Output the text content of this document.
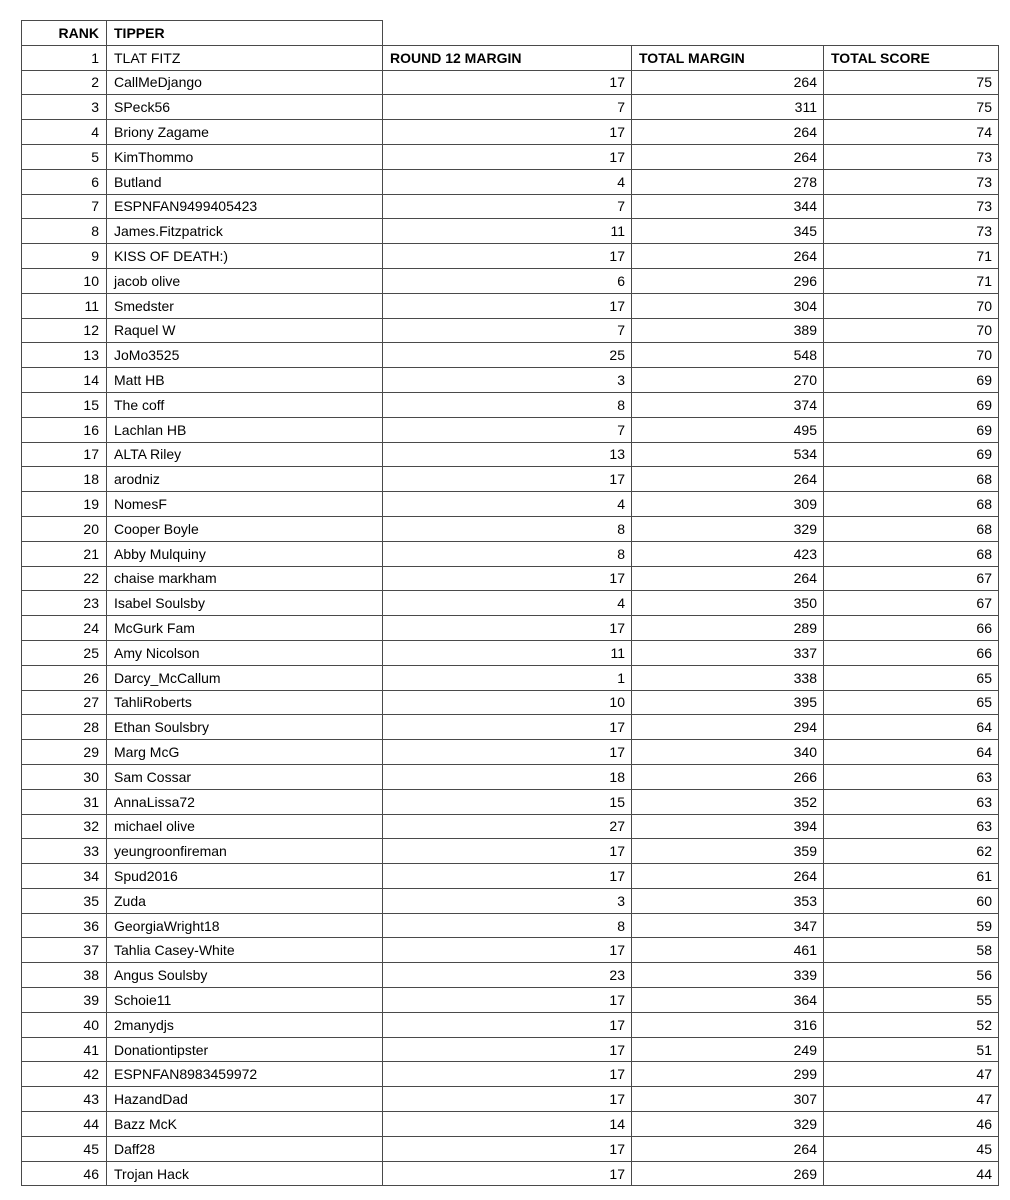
RANK	TIPPER			
1	TLAT FITZ	ROUND 12 MARGIN	TOTAL MARGIN	TOTAL SCORE
2	CallMeDjango	17	264	75
3	SPeck56	7	311	75
4	Briony Zagame	17	264	74
5	KimThommo	17	264	73
6	Butland	4	278	73
7	ESPNFAN9499405423	7	344	73
8	James.Fitzpatrick	11	345	73
9	KISS OF DEATH:)	17	264	71
10	jacob olive	6	296	71
11	Smedster	17	304	70
12	Raquel W	7	389	70
13	JoMo3525	25	548	70
14	Matt HB	3	270	69
15	The coff	8	374	69
16	Lachlan HB	7	495	69
17	ALTA Riley	13	534	69
18	arodniz	17	264	68
19	NomesF	4	309	68
20	Cooper Boyle	8	329	68
21	Abby Mulquiny	8	423	68
22	chaise markham	17	264	67
23	Isabel Soulsby	4	350	67
24	McGurk Fam	17	289	66
25	Amy Nicolson	11	337	66
26	Darcy_McCallum	1	338	65
27	TahliRoberts	10	395	65
28	Ethan Soulsbry	17	294	64
29	Marg McG	17	340	64
30	Sam Cossar	18	266	63
31	AnnaLissa72	15	352	63
32	michael olive	27	394	63
33	yeungroonfireman	17	359	62
34	Spud2016	17	264	61
35	Zuda	3	353	60
36	GeorgiaWright18	8	347	59
37	Tahlia Casey-White	17	461	58
38	Angus Soulsby	23	339	56
39	Schoie11	17	364	55
40	2manydjs	17	316	52
41	Donationtipster	17	249	51
42	ESPNFAN8983459972	17	299	47
43	HazandDad	17	307	47
44	Bazz McK	14	329	46
45	Daff28	17	264	45
46	Trojan Hack	17	269	44
